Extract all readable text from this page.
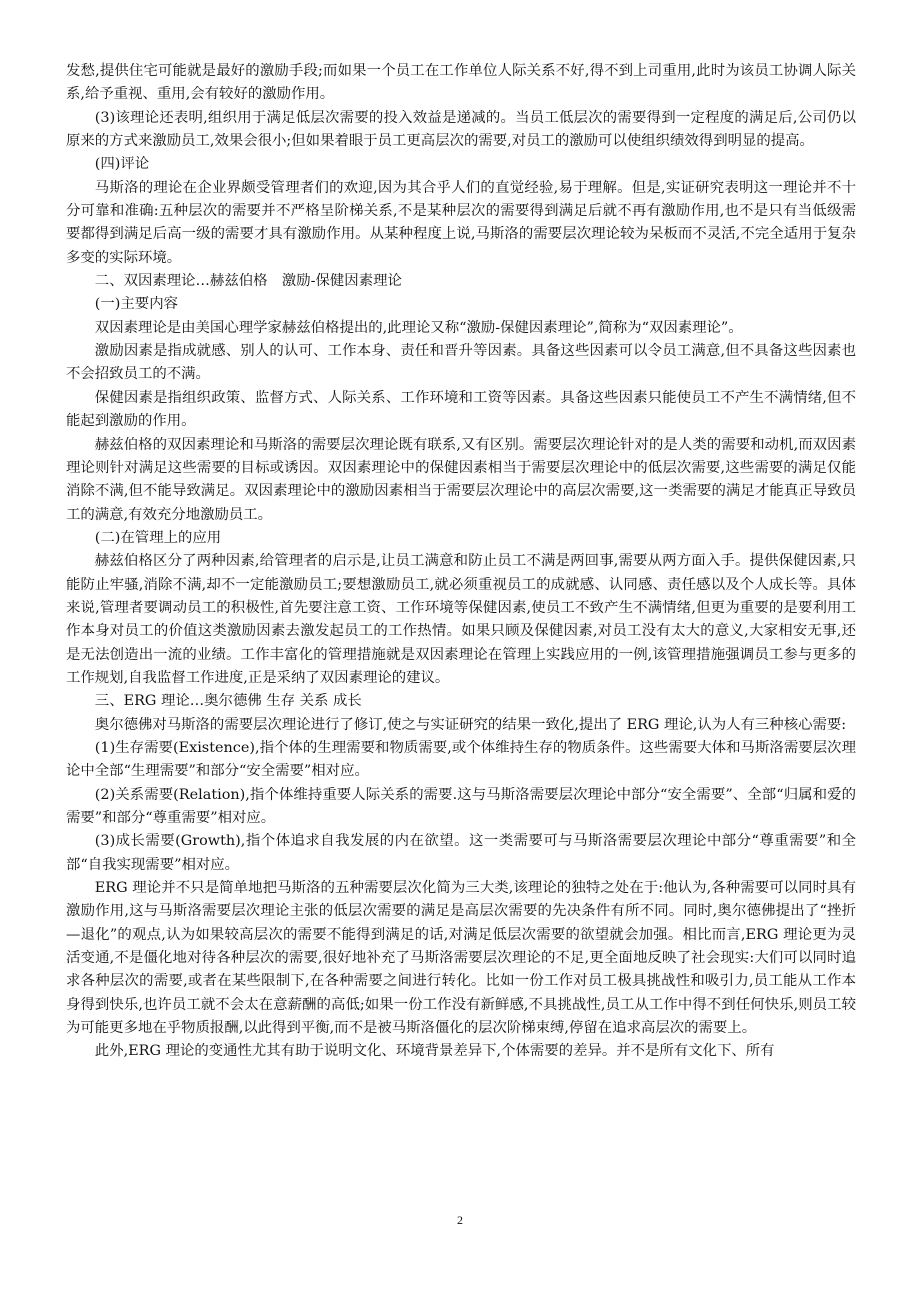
发愁,提供住宅可能就是最好的激励手段;而如果一个员工在工作单位人际关系不好,得不到上司重用,此时为该员工协调人际关系,给予重视、重用,会有较好的激励作用。

(3)该理论还表明,组织用于满足低层次需要的投入效益是递减的。当员工低层次的需要得到一定程度的满足后,公司仍以原来的方式来激励员工,效果会很小;但如果着眼于员工更高层次的需要,对员工的激励可以使组织绩效得到明显的提高。

(四)评论

马斯洛的理论在企业界颇受管理者们的欢迎,因为其合乎人们的直觉经验,易于理解。但是,实证研究表明这一理论并不十分可靠和准确:五种层次的需要并不严格呈阶梯关系,不是某种层次的需要得到满足后就不再有激励作用,也不是只有当低级需要都得到满足后高一级的需要才具有激励作用。从某种程度上说,马斯洛的需要层次理论较为呆板而不灵活,不完全适用于复杂多变的实际环境。

二、双因素理论…赫兹伯格　激励-保健因素理论

(一)主要内容

双因素理论是由美国心理学家赫兹伯格提出的,此理论又称“激励-保健因素理论”,简称为“双因素理论”。

激励因素是指成就感、别人的认可、工作本身、责任和晋升等因素。具备这些因素可以令员工满意,但不具备这些因素也不会招致员工的不满。

保健因素是指组织政策、监督方式、人际关系、工作环境和工资等因素。具备这些因素只能使员工不产生不满情绪,但不能起到激励的作用。

赫兹伯格的双因素理论和马斯洛的需要层次理论既有联系,又有区别。需要层次理论针对的是人类的需要和动机,而双因素理论则针对满足这些需要的目标或诱因。双因素理论中的保健因素相当于需要层次理论中的低层次需要,这些需要的满足仅能消除不满,但不能导致满足。双因素理论中的激励因素相当于需要层次理论中的高层次需要,这一类需要的满足才能真正导致员工的满意,有效充分地激励员工。

(二)在管理上的应用

赫兹伯格区分了两种因素,给管理者的启示是,让员工满意和防止员工不满是两回事,需要从两方面入手。提供保健因素,只能防止牢骚,消除不满,却不一定能激励员工;要想激励员工,就必须重视员工的成就感、认同感、责任感以及个人成长等。具体来说,管理者要调动员工的积极性,首先要注意工资、工作环境等保健因素,使员工不致产生不满情绪,但更为重要的是要利用工作本身对员工的价值这类激励因素去激发起员工的工作热情。如果只顾及保健因素,对员工没有太大的意义,大家相安无事,还是无法创造出一流的业绩。工作丰富化的管理措施就是双因素理论在管理上实践应用的一例,该管理措施强调员工参与更多的工作规划,自我监督工作进度,正是采纳了双因素理论的建议。

三、ERG 理论…奥尔德佛 生存 关系 成长

奥尔德佛对马斯洛的需要层次理论进行了修订,使之与实证研究的结果一致化,提出了 ERG 理论,认为人有三种核心需要:

(1)生存需要(Existence),指个体的生理需要和物质需要,或个体维持生存的物质条件。这些需要大体和马斯洛需要层次理论中全部“生理需要”和部分“安全需要”相对应。

(2)关系需要(Relation),指个体维持重要人际关系的需要.这与马斯洛需要层次理论中部分“安全需要”、全部“归属和爱的需要”和部分“尊重需要”相对应。

(3)成长需要(Growth),指个体追求自我发展的内在欲望。这一类需要可与马斯洛需要层次理论中部分“尊重需要”和全部“自我实现需要”相对应。

ERG 理论并不只是简单地把马斯洛的五种需要层次化简为三大类,该理论的独特之处在于:他认为,各种需要可以同时具有激励作用,这与马斯洛需要层次理论主张的低层次需要的满足是高层次需要的先决条件有所不同。同时,奥尔德佛提出了“挫折—退化”的观点,认为如果较高层次的需要不能得到满足的话,对满足低层次需要的欲望就会加强。相比而言,ERG 理论更为灵活变通,不是僵化地对待各种层次的需要,很好地补充了马斯洛需要层次理论的不足,更全面地反映了社会现实:大们可以同时追求各种层次的需要,或者在某些限制下,在各种需要之间进行转化。比如一份工作对员工极具挑战性和吸引力,员工能从工作本身得到快乐,也许员工就不会太在意薪酬的高低;如果一份工作没有新鲜感,不具挑战性,员工从工作中得不到任何快乐,则员工较为可能更多地在乎物质报酬,以此得到平衡,而不是被马斯洛僵化的层次阶梯束缚,停留在追求高层次的需要上。

此外,ERG 理论的变通性尤其有助于说明文化、环境背景差异下,个体需要的差异。并不是所有文化下、所有

2
